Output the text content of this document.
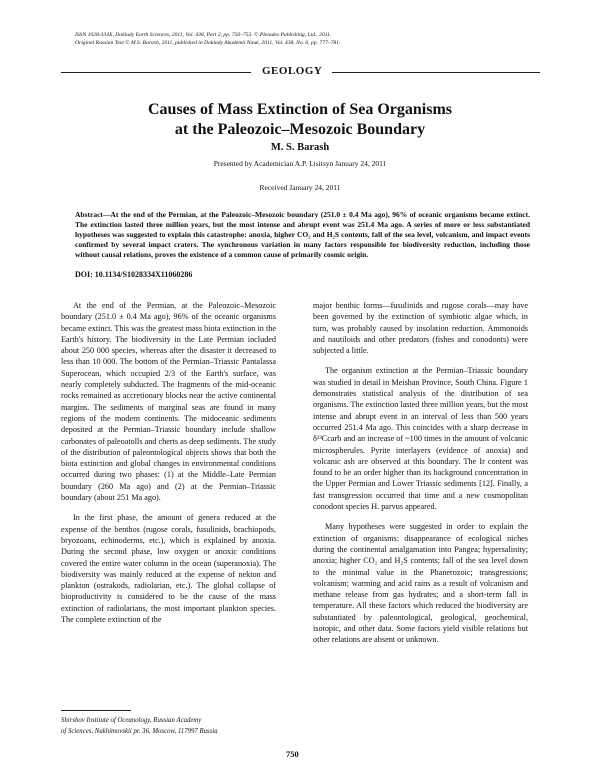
ISSN 1028-334X, Doklady Earth Sciences, 2011, Vol. 438, Part 2, pp. 750–753. © Pleiades Publishing, Ltd., 2011.
Original Russian Text © M.S. Barash, 2011, published in Doklady Akademii Nauk, 2011, Vol. 438, No. 6, pp. 777–781.
GEOLOGY
Causes of Mass Extinction of Sea Organisms
at the Paleozoic–Mesozoic Boundary
M. S. Barash
Presented by Academician A.P. Lisitsyn January 24, 2011
Received January 24, 2011
Abstract—At the end of the Permian, at the Paleozoic–Mesozoic boundary (251.0 ± 0.4 Ma ago), 96% of oceanic organisms became extinct. The extinction lasted three million years, but the most intense and abrupt event was 251.4 Ma ago. A series of more or less substantiated hypotheses was suggested to explain this catastrophe: anoxia, higher CO₂ and H₂S contents, fall of the sea level, volcanism, and impact events confirmed by several impact craters. The synchronous variation in many factors responsible for biodiversity reduction, including those without causal relations, proves the existence of a common cause of primarily cosmic origin.
DOI: 10.1134/S1028334X11060286

At the end of the Permian, at the Paleozoic–Mesozoic boundary (251.0 ± 0.4 Ma ago), 96% of the oceanic organisms became extinct. This was the greatest mass biota extinction in the Earth's history. The biodiversity in the Late Permian included about 250 000 species, whereas after the disaster it decreased to less than 10 000. The bottom of the Permian–Triassic Pantalassa Superocean, which occupied 2/3 of the Earth's surface, was nearly completely subducted. The fragments of the mid-oceanic rocks remained as accretionary blocks near the active continental margins. The sediments of marginal seas are found in many regions of the modern continents. The midoceanic sediments deposited at the Permian–Triassic boundary include shallow carbonates of paleoatolls and cherts as deep sediments. The study of the distribution of paleontological objects shows that both the biota extinction and global changes in environmental conditions occurred during two phases: (1) at the Middle–Late Permian boundary (260 Ma ago) and (2) at the Permian–Triassic boundary (about 251 Ma ago).

In the first phase, the amount of genera reduced at the expense of the benthos (rugose corals, fusulinids, brachiopods, bryozoans, echinoderms, etc.), which is explained by anoxia. During the second phase, low oxygen or anoxic conditions covered the entire water column in the ocean (superanoxia). The biodiversity was mainly reduced at the expense of nekton and plankton (ostrakods, radiolarian, etc.). The global collapse of bioproductivity is considered to be the cause of the mass extinction of radiolarians, the most important plankton species. The complete extinction of the

major benthic forms—fusulinids and rugose corals—may have been governed by the extinction of symbiotic algae which, in turn, was probably caused by insolation reduction. Ammonoids and nautiloids and other predators (fishes and conodonts) were subjected a little.

The organism extinction at the Permian–Triassic boundary was studied in detail in Meishan Province, South China. Figure 1 demonstrates statistical analysis of the distribution of sea organisms. The extinction lasted three million years, but the most intense and abrupt event in an interval of less than 500 years occurred 251.4 Ma ago. This coincides with a sharp decrease in δ¹³Ccarb and an increase of ~100 times in the amount of volcanic microspherules. Pyrite interlayers (evidence of anoxia) and volcanic ash are observed at this boundary. The Ir content was found to be an order higher than its background concentration in the Upper Permian and Lower Triassic sediments [12]. Finally, a fast transgression occurred that time and a new cosmopolitan conodont species H. parvus appeared.

Many hypotheses were suggested in order to explain the extinction of organisms: disappearance of ecological niches during the continental amalgamation into Pangea; hypersalinity; anoxia; higher CO₂ and H₂S contents; fall of the sea level down to the minimal value in the Phanerozoic; transgressions; volcanism; warming and acid rains as a result of volcanism and methane release from gas hydrates; and a short-term fall in temperature. All these factors which reduced the biodiversity are substantiated by paleontological, geological, geochemical, isotopic, and other data. Some factors yield visible relations but other relations are absent or unknown.

Shirshov Institute of Oceanology, Russian Academy
of Sciences, Nakhimovskii pr. 36, Moscow, 117997 Russia
750
